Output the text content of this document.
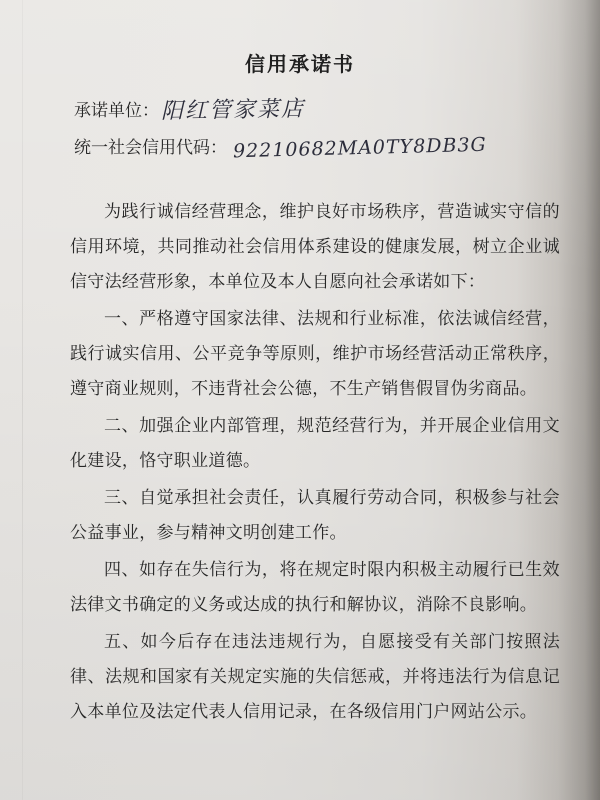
信用承诺书
承诺单位：阳红管家菜店
统一社会信用代码： 92210682MA0TY8DB3G

为践行诚信经营理念，维护良好市场秩序，营造诚实守信的信用环境，共同推动社会信用体系建设的健康发展，树立企业诚信守法经营形象，本单位及本人自愿向社会承诺如下：

一、严格遵守国家法律、法规和行业标准，依法诚信经营，践行诚实信用、公平竞争等原则，维护市场经营活动正常秩序，遵守商业规则，不违背社会公德，不生产销售假冒伪劣商品。

二、加强企业内部管理，规范经营行为，并开展企业信用文化建设，恪守职业道德。

三、自觉承担社会责任，认真履行劳动合同，积极参与社会公益事业，参与精神文明创建工作。

四、如存在失信行为，将在规定时限内积极主动履行已生效法律文书确定的义务或达成的执行和解协议，消除不良影响。

五、如今后存在违法违规行为，自愿接受有关部门按照法律、法规和国家有关规定实施的失信惩戒，并将违法行为信息记入本单位及法定代表人信用记录，在各级信用门户网站公示。
